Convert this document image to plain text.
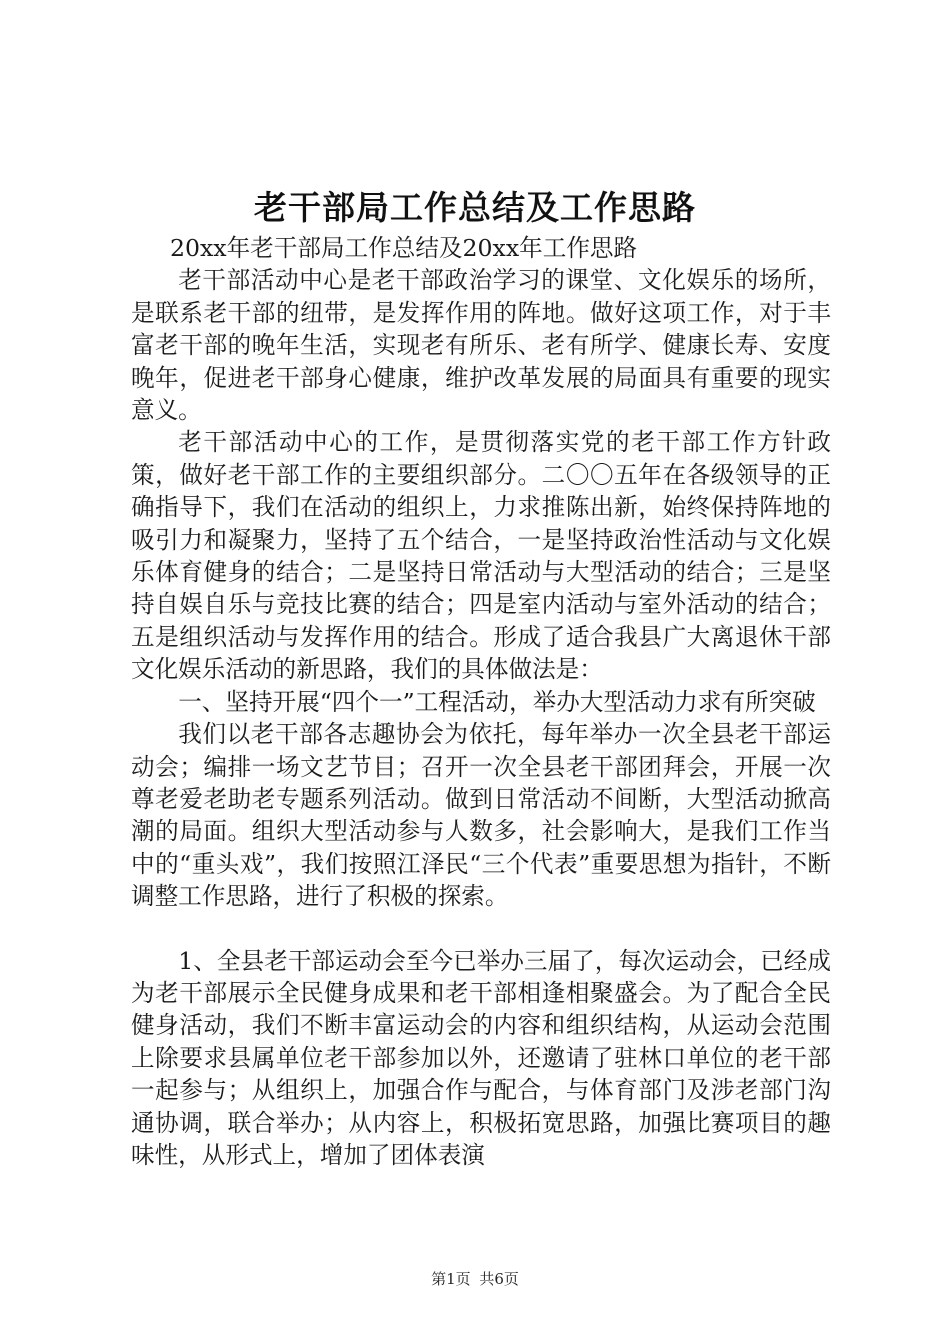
老干部局工作总结及工作思路

20xx年老干部局工作总结及20xx年工作思路

老干部活动中心是老干部政治学习的课堂、文化娱乐的场所，是联系老干部的纽带，是发挥作用的阵地。做好这项工作，对于丰富老干部的晚年生活，实现老有所乐、老有所学、健康长寿、安度晚年，促进老干部身心健康，维护改革发展的局面具有重要的现实意义。

老干部活动中心的工作，是贯彻落实党的老干部工作方针政策，做好老干部工作的主要组织部分。二〇〇五年在各级领导的正确指导下，我们在活动的组织上，力求推陈出新，始终保持阵地的吸引力和凝聚力，坚持了五个结合，一是坚持政治性活动与文化娱乐体育健身的结合；二是坚持日常活动与大型活动的结合；三是坚持自娱自乐与竞技比赛的结合；四是室内活动与室外活动的结合；五是组织活动与发挥作用的结合。形成了适合我县广大离退休干部文化娱乐活动的新思路，我们的具体做法是：

一、坚持开展“四个一”工程活动，举办大型活动力求有所突破

我们以老干部各志趣协会为依托，每年举办一次全县老干部运动会；编排一场文艺节目；召开一次全县老干部团拜会，开展一次尊老爱老助老专题系列活动。做到日常活动不间断，大型活动掀高潮的局面。组织大型活动参与人数多，社会影响大，是我们工作当中的“重头戏”，我们按照江泽民“三个代表”重要思想为指针，不断调整工作思路，进行了积极的探索。

1、全县老干部运动会至今已举办三届了，每次运动会，已经成为老干部展示全民健身成果和老干部相逢相聚盛会。为了配合全民健身活动，我们不断丰富运动会的内容和组织结构，从运动会范围上除要求县属单位老干部参加以外，还邀请了驻林口单位的老干部一起参与；从组织上，加强合作与配合，与体育部门及涉老部门沟通协调，联合举办；从内容上，积极拓宽思路，加强比赛项目的趣味性，从形式上，增加了团体表演

第1页 共6页
